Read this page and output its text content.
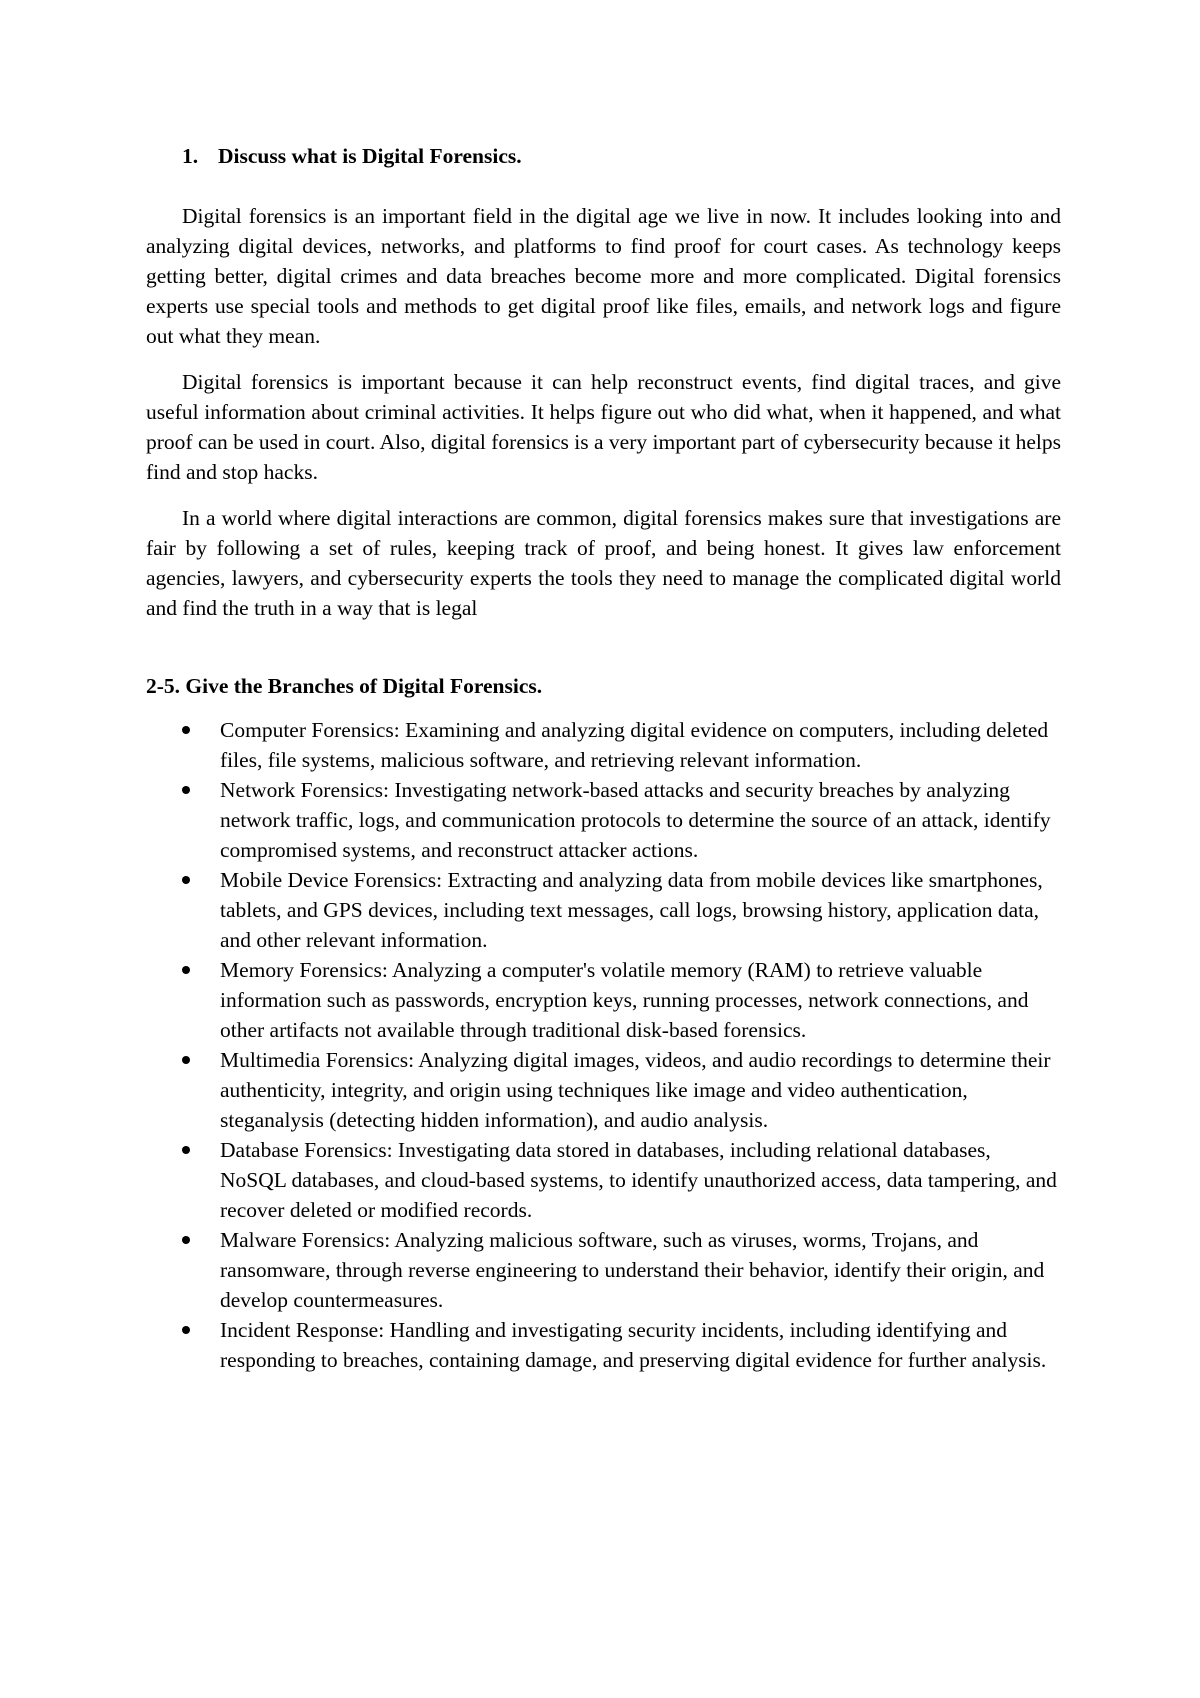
1. Discuss what is Digital Forensics.

Digital forensics is an important field in the digital age we live in now. It includes looking into and analyzing digital devices, networks, and platforms to find proof for court cases. As technology keeps getting better, digital crimes and data breaches become more and more complicated. Digital forensics experts use special tools and methods to get digital proof like files, emails, and network logs and figure out what they mean.

Digital forensics is important because it can help reconstruct events, find digital traces, and give useful information about criminal activities. It helps figure out who did what, when it happened, and what proof can be used in court. Also, digital forensics is a very important part of cybersecurity because it helps find and stop hacks.

In a world where digital interactions are common, digital forensics makes sure that investigations are fair by following a set of rules, keeping track of proof, and being honest. It gives law enforcement agencies, lawyers, and cybersecurity experts the tools they need to manage the complicated digital world and find the truth in a way that is legal

2-5. Give the Branches of Digital Forensics.
Computer Forensics: Examining and analyzing digital evidence on computers, including deleted files, file systems, malicious software, and retrieving relevant information.
Network Forensics: Investigating network-based attacks and security breaches by analyzing network traffic, logs, and communication protocols to determine the source of an attack, identify compromised systems, and reconstruct attacker actions.
Mobile Device Forensics: Extracting and analyzing data from mobile devices like smartphones, tablets, and GPS devices, including text messages, call logs, browsing history, application data, and other relevant information.
Memory Forensics: Analyzing a computer's volatile memory (RAM) to retrieve valuable information such as passwords, encryption keys, running processes, network connections, and other artifacts not available through traditional disk-based forensics.
Multimedia Forensics: Analyzing digital images, videos, and audio recordings to determine their authenticity, integrity, and origin using techniques like image and video authentication, steganalysis (detecting hidden information), and audio analysis.
Database Forensics: Investigating data stored in databases, including relational databases, NoSQL databases, and cloud-based systems, to identify unauthorized access, data tampering, and recover deleted or modified records.
Malware Forensics: Analyzing malicious software, such as viruses, worms, Trojans, and ransomware, through reverse engineering to understand their behavior, identify their origin, and develop countermeasures.
Incident Response: Handling and investigating security incidents, including identifying and responding to breaches, containing damage, and preserving digital evidence for further analysis.
